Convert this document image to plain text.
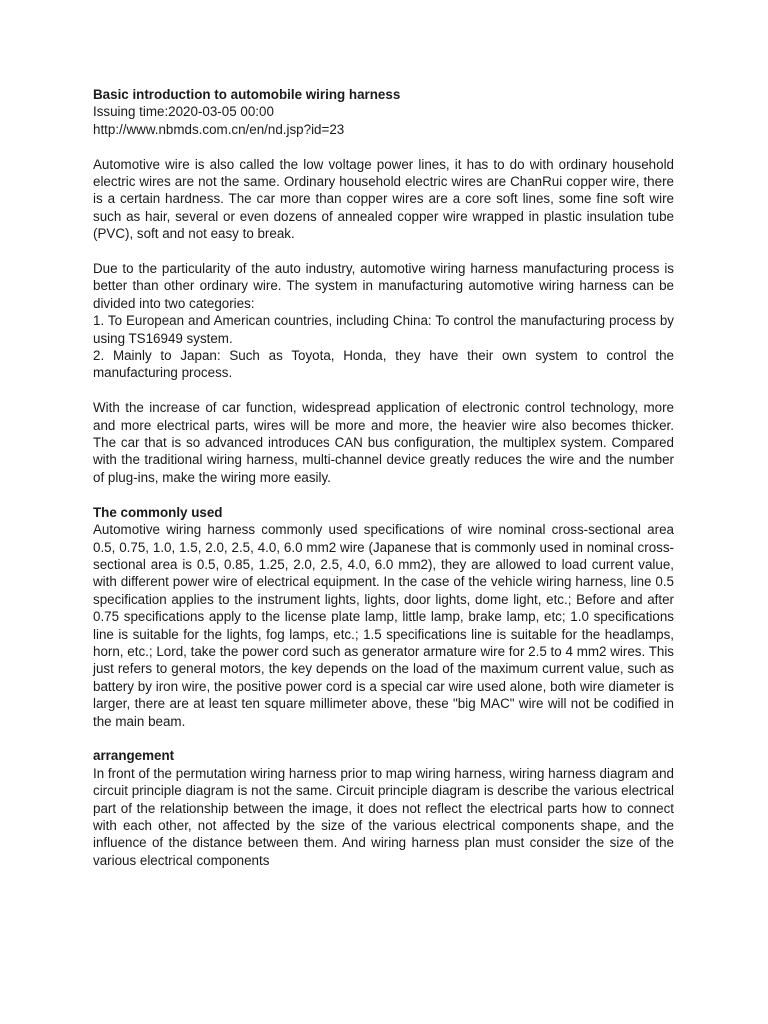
Basic introduction to automobile wiring harness
Issuing time:2020-03-05 00:00
http://www.nbmds.com.cn/en/nd.jsp?id=23

Automotive wire is also called the low voltage power lines, it has to do with ordinary household electric wires are not the same. Ordinary household electric wires are ChanRui copper wire, there is a certain hardness. The car more than copper wires are a core soft lines, some fine soft wire such as hair, several or even dozens of annealed copper wire wrapped in plastic insulation tube (PVC), soft and not easy to break.

Due to the particularity of the auto industry, automotive wiring harness manufacturing process is better than other ordinary wire. The system in manufacturing automotive wiring harness can be divided into two categories:

1. To European and American countries, including China: To control the manufacturing process by using TS16949 system.

2. Mainly to Japan: Such as Toyota, Honda, they have their own system to control the manufacturing process.

With the increase of car function, widespread application of electronic control technology, more and more electrical parts, wires will be more and more, the heavier wire also becomes thicker. The car that is so advanced introduces CAN bus configuration, the multiplex system. Compared with the traditional wiring harness, multi-channel device greatly reduces the wire and the number of plug-ins, make the wiring more easily.

The commonly used

Automotive wiring harness commonly used specifications of wire nominal cross-sectional area 0.5, 0.75, 1.0, 1.5, 2.0, 2.5, 4.0, 6.0 mm2 wire (Japanese that is commonly used in nominal cross-sectional area is 0.5, 0.85, 1.25, 2.0, 2.5, 4.0, 6.0 mm2), they are allowed to load current value, with different power wire of electrical equipment. In the case of the vehicle wiring harness, line 0.5 specification applies to the instrument lights, lights, door lights, dome light, etc.; Before and after 0.75 specifications apply to the license plate lamp, little lamp, brake lamp, etc; 1.0 specifications line is suitable for the lights, fog lamps, etc.; 1.5 specifications line is suitable for the headlamps, horn, etc.; Lord, take the power cord such as generator armature wire for 2.5 to 4 mm2 wires. This just refers to general motors, the key depends on the load of the maximum current value, such as battery by iron wire, the positive power cord is a special car wire used alone, both wire diameter is larger, there are at least ten square millimeter above, these "big MAC" wire will not be codified in the main beam.

arrangement

In front of the permutation wiring harness prior to map wiring harness, wiring harness diagram and circuit principle diagram is not the same. Circuit principle diagram is describe the various electrical part of the relationship between the image, it does not reflect the electrical parts how to connect with each other, not affected by the size of the various electrical components shape, and the influence of the distance between them. And wiring harness plan must consider the size of the various electrical components
